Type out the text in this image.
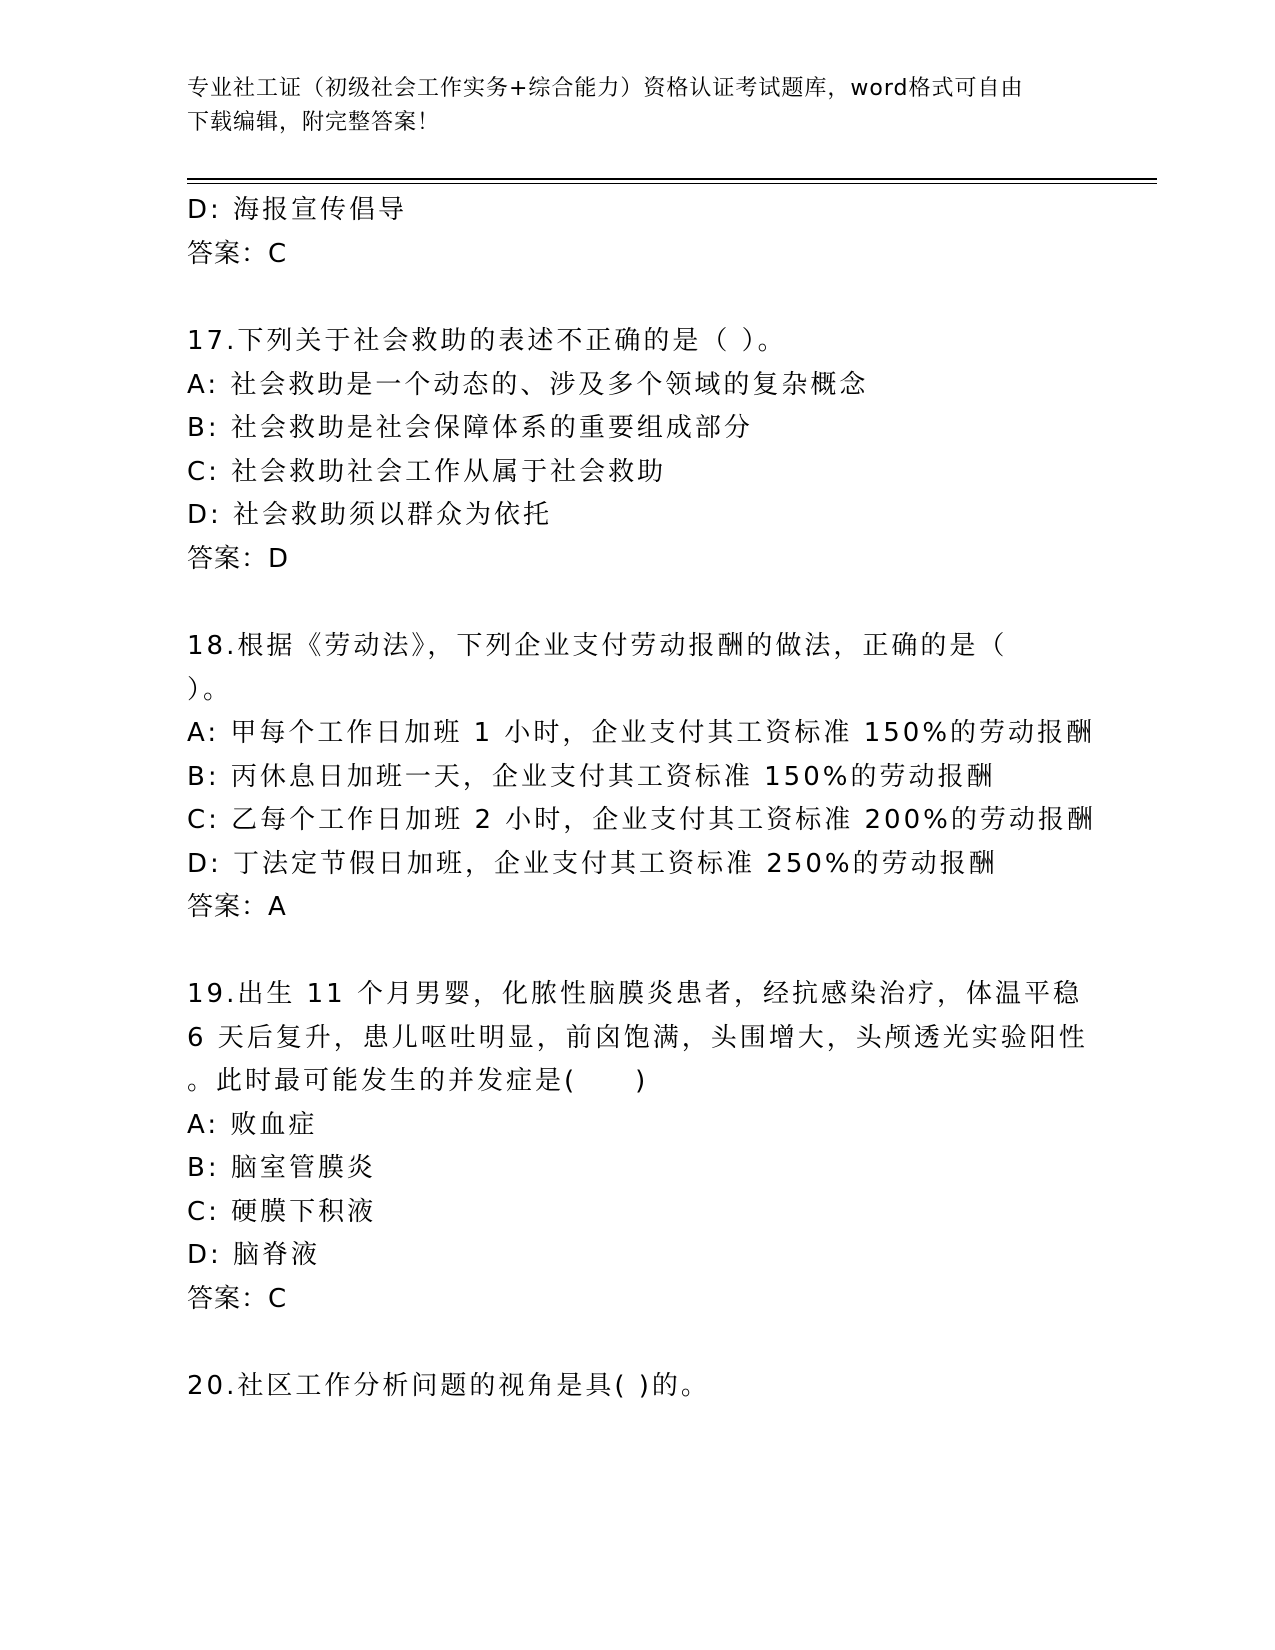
专业社工证（初级社会工作实务+综合能力）资格认证考试题库，word格式可自由
下载编辑，附完整答案！
D: 海报宣传倡导
答案：C
17.下列关于社会救助的表述不正确的是（ ）。
A: 社会救助是一个动态的、涉及多个领域的复杂概念
B: 社会救助是社会保障体系的重要组成部分
C: 社会救助社会工作从属于社会救助
D: 社会救助须以群众为依托
答案：D
18.根据《劳动法》，下列企业支付劳动报酬的做法，正确的是（
）。
A: 甲每个工作日加班 1 小时，企业支付其工资标准 150%的劳动报酬
B: 丙休息日加班一天，企业支付其工资标准 150%的劳动报酬
C: 乙每个工作日加班 2 小时，企业支付其工资标准 200%的劳动报酬
D: 丁法定节假日加班，企业支付其工资标准 250%的劳动报酬
答案：A
19.出生 11 个月男婴，化脓性脑膜炎患者，经抗感染治疗，体温平稳
6 天后复升，患儿呕吐明显，前囟饱满，头围增大，头颅透光实验阳性
。此时最可能发生的并发症是(　　)
A: 败血症
B: 脑室管膜炎
C: 硬膜下积液
D: 脑脊液
答案：C
20.社区工作分析问题的视角是具( )的。
